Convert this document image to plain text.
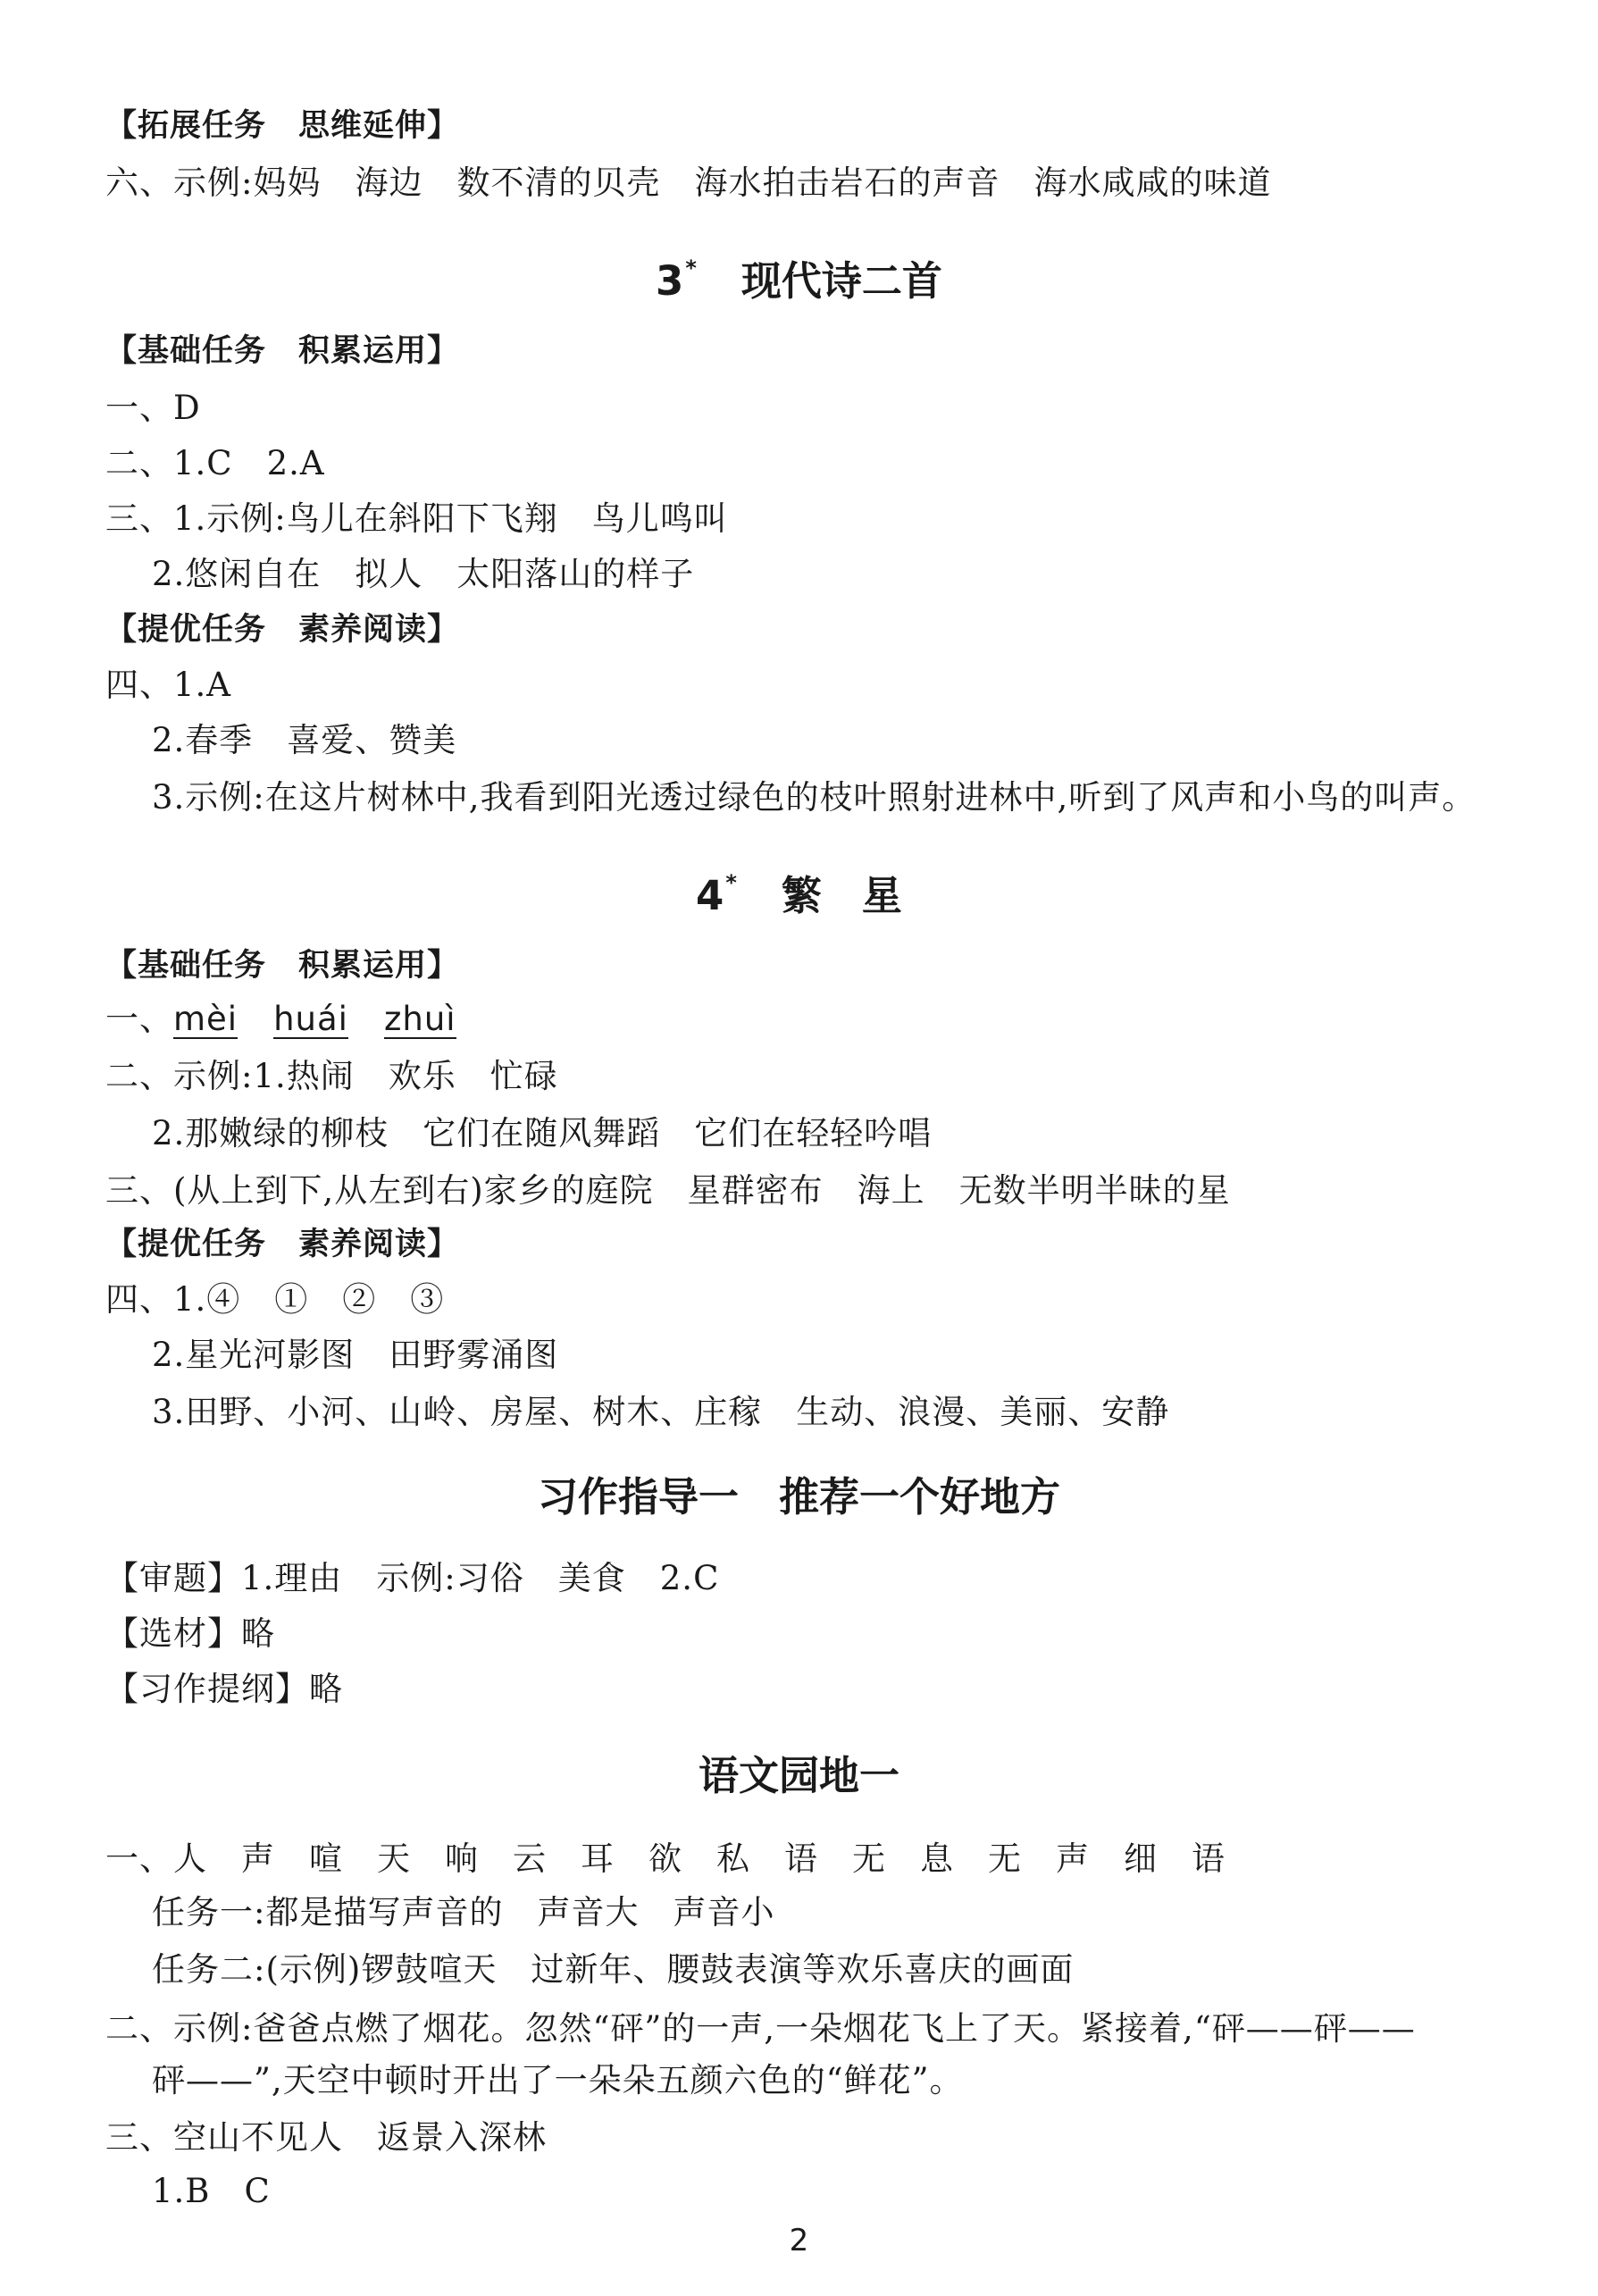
【拓展任务　思维延伸】
六、示例:妈妈　海边　数不清的贝壳　海水拍击岩石的声音　海水咸咸的味道
3* 现代诗二首
【基础任务　积累运用】
一、D
二、1.C　2.A
三、1.示例:鸟儿在斜阳下飞翔　鸟儿鸣叫
2.悠闲自在　拟人　太阳落山的样子
【提优任务　素养阅读】
四、1.A
2.春季　喜爱、赞美
3.示例:在这片树林中,我看到阳光透过绿色的枝叶照射进林中,听到了风声和小鸟的叫声。
4* 繁　星
【基础任务　积累运用】
一、mèi huái zhuì
二、示例:1.热闹　欢乐　忙碌
2.那嫩绿的柳枝　它们在随风舞蹈　它们在轻轻吟唱
三、(从上到下,从左到右)家乡的庭院　星群密布　海上　无数半明半昧的星
【提优任务　素养阅读】
四、1.④　①　②　③
2.星光河影图　田野雾涌图
3.田野、小河、山岭、房屋、树木、庄稼　生动、浪漫、美丽、安静
习作指导一　推荐一个好地方
【审题】1.理由　示例:习俗　美食　2.C
【选材】略
【习作提纲】略
语文园地一
一、人 声 喧 天 响 云 耳 欲 私 语 无 息 无 声 细 语
任务一:都是描写声音的　声音大　声音小
任务二:(示例)锣鼓喧天　过新年、腰鼓表演等欢乐喜庆的画面
二、示例:爸爸点燃了烟花。忽然“砰”的一声,一朵烟花飞上了天。紧接着,“砰——砰——
砰——”,天空中顿时开出了一朵朵五颜六色的“鲜花”。
三、空山不见人　返景入深林
1.B　C
2
